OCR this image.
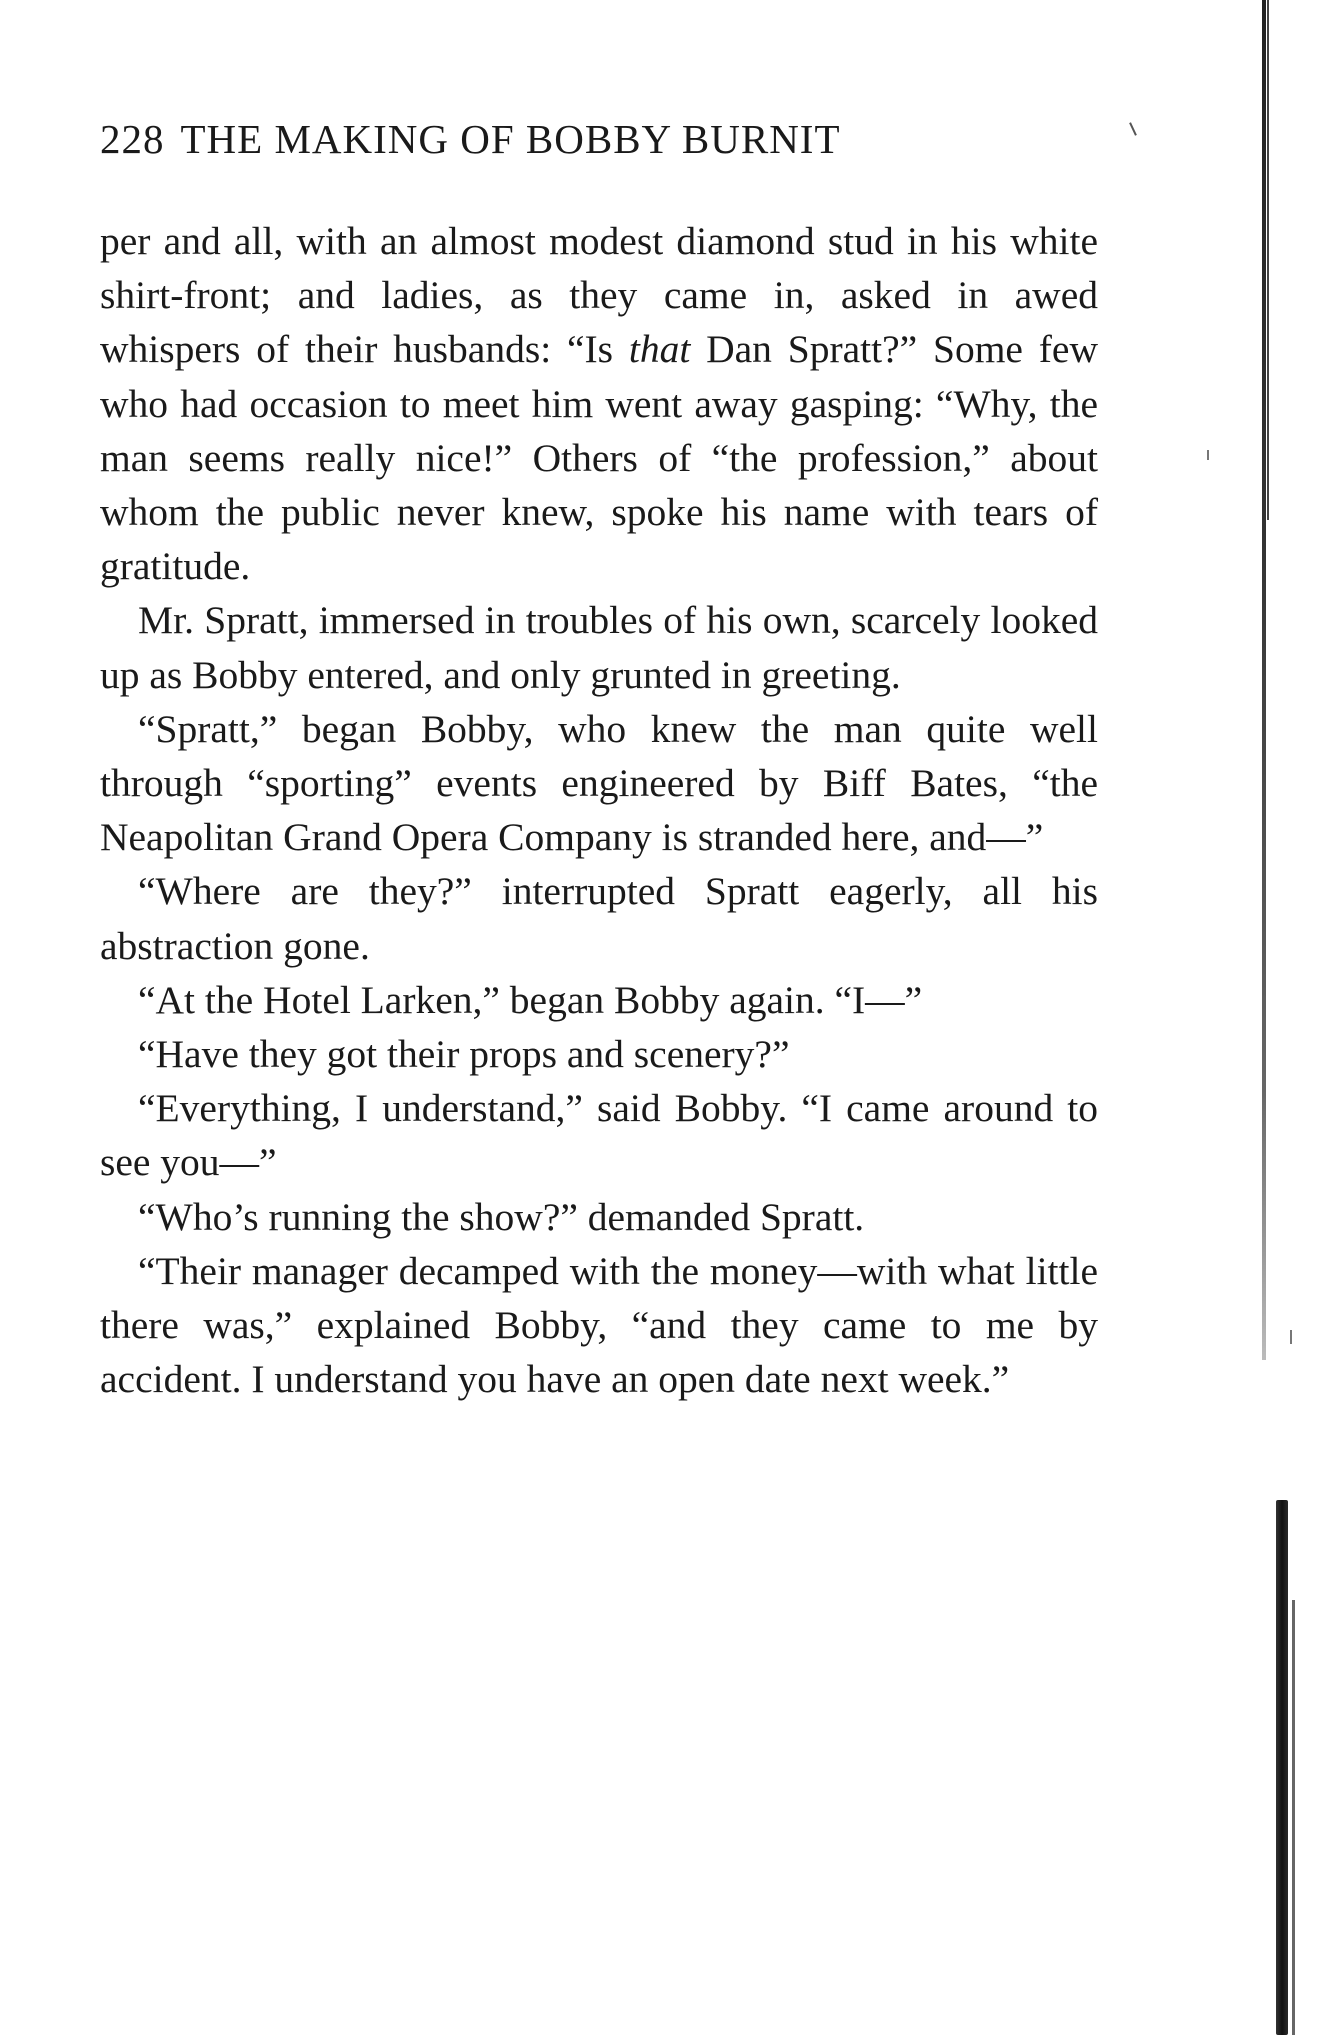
228 THE MAKING OF BOBBY BURNIT

per and all, with an almost modest diamond stud in his white shirt-front; and ladies, as they came in, asked in awed whispers of their husbands: “Is that Dan Spratt?” Some few who had occasion to meet him went away gasping: “Why, the man seems really nice!” Others of “the profession,” about whom the public never knew, spoke his name with tears of gratitude.

Mr. Spratt, immersed in troubles of his own, scarcely looked up as Bobby entered, and only grunted in greeting.

“Spratt,” began Bobby, who knew the man quite well through “sporting” events engineered by Biff Bates, “the Neapolitan Grand Opera Company is stranded here, and—”

“Where are they?” interrupted Spratt eagerly, all his abstraction gone.

“At the Hotel Larken,” began Bobby again. “I—”

“Have they got their props and scenery?”

“Everything, I understand,” said Bobby. “I came around to see you—”

“Who’s running the show?” demanded Spratt.

“Their manager decamped with the money—with what little there was,” explained Bobby, “and they came to me by accident. I understand you have an open date next week.”
